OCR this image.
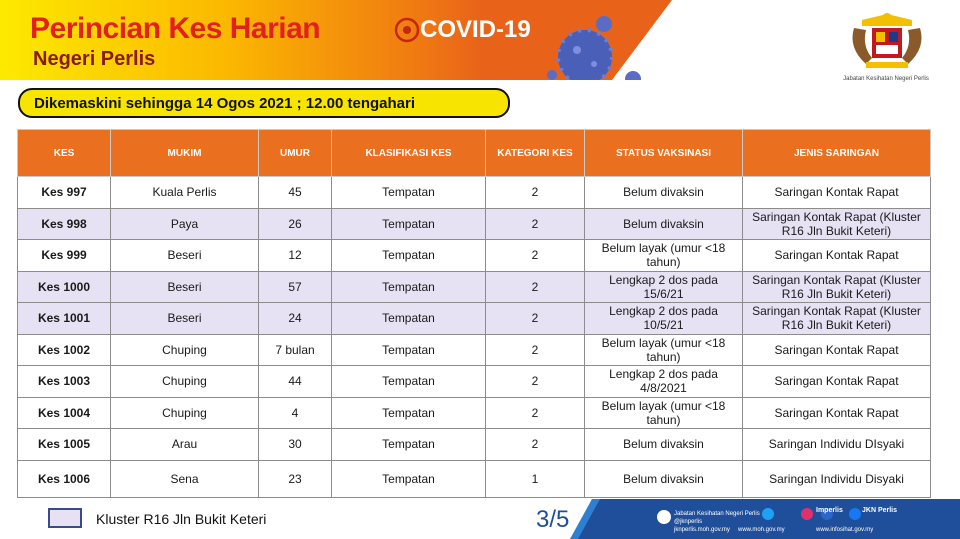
Perincian Kes Harian	COVID-19
Negeri Perlis
Jabatan Kesihatan Negeri Perlis
Dikemaskini sehingga 14 Ogos 2021 ; 12.00 tengahari
KES	MUKIM	UMUR	KLASIFIKASI KES	KATEGORI KES	STATUS VAKSINASI	JENIS SARINGAN
Kes 997	Kuala Perlis	45	Tempatan	2	Belum divaksin	Saringan Kontak Rapat
Kes 998	Paya	26	Tempatan	2	Belum divaksin	Saringan Kontak Rapat (Kluster R16 Jln Bukit Keteri)
Kes 999	Beseri	12	Tempatan	2	Belum layak (umur <18 tahun)	Saringan Kontak Rapat
Kes 1000	Beseri	57	Tempatan	2	Lengkap 2 dos pada 15/6/21	Saringan Kontak Rapat (Kluster R16 Jln Bukit Keteri)
Kes 1001	Beseri	24	Tempatan	2	Lengkap 2 dos pada 10/5/21	Saringan Kontak Rapat (Kluster R16 Jln Bukit Keteri)
Kes 1002	Chuping	7 bulan	Tempatan	2	Belum layak (umur <18 tahun)	Saringan Kontak Rapat
Kes 1003	Chuping	44	Tempatan	2	Lengkap 2 dos pada 4/8/2021	Saringan Kontak Rapat
Kes 1004	Chuping	4	Tempatan	2	Belum layak (umur <18 tahun)	Saringan Kontak Rapat
Kes 1005	Arau	30	Tempatan	2	Belum divaksin	Saringan Individu DIsyaki
Kes 1006	Sena	23	Tempatan	1	Belum divaksin	Saringan Individu Disyaki
Kluster R16 Jln Bukit Keteri	3/5	Jabatan Kesihatan Negeri Perlis
@jknperlis
jknperlis.moh.gov.my www.moh.gov.my
Imperlis	JKN Perlis
www.infosihat.gov.my
